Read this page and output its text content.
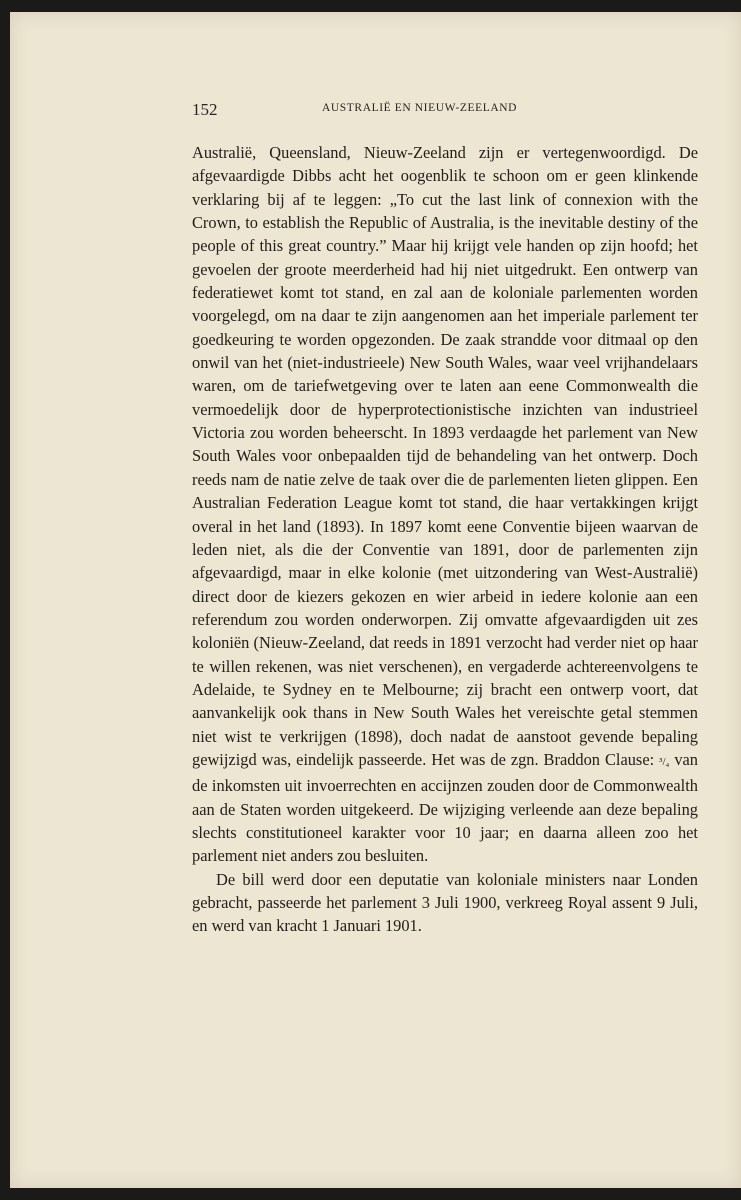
152	AUSTRALIË EN NIEUW-ZEELAND

Australië, Queensland, Nieuw-Zeeland zijn er vertegenwoordigd. De afgevaardigde Dibbs acht het oogenblik te schoon om er geen klinkende verklaring bij af te leggen: „To cut the last link of connexion with the Crown, to establish the Republic of Australia, is the inevitable destiny of the people of this great country.” Maar hij krijgt vele handen op zijn hoofd; het gevoelen der groote meerderheid had hij niet uitgedrukt. Een ontwerp van federatiewet komt tot stand, en zal aan de koloniale parlementen worden voorgelegd, om na daar te zijn aangenomen aan het imperiale parlement ter goedkeuring te worden opgezonden. De zaak strandde voor ditmaal op den onwil van het (niet-industrieele) New South Wales, waar veel vrijhandelaars waren, om de tariefwetgeving over te laten aan eene Commonwealth die vermoedelijk door de hyperprotectionistische inzichten van industrieel Victoria zou worden beheerscht. In 1893 verdaagde het parlement van New South Wales voor onbepaalden tijd de behandeling van het ontwerp. Doch reeds nam de natie zelve de taak over die de parlementen lieten glippen. Een Australian Federation League komt tot stand, die haar vertakkingen krijgt overal in het land (1893). In 1897 komt eene Conventie bijeen waarvan de leden niet, als die der Conventie van 1891, door de parlementen zijn afgevaardigd, maar in elke kolonie (met uitzondering van West-Australië) direct door de kiezers gekozen en wier arbeid in iedere kolonie aan een referendum zou worden onderworpen. Zij omvatte afgevaardigden uit zes koloniën (Nieuw-Zeeland, dat reeds in 1891 verzocht had verder niet op haar te willen rekenen, was niet verschenen), en vergaderde achtereenvolgens te Adelaide, te Sydney en te Melbourne; zij bracht een ontwerp voort, dat aanvankelijk ook thans in New South Wales het vereischte getal stemmen niet wist te verkrijgen (1898), doch nadat de aanstoot gevende bepaling gewijzigd was, eindelijk passeerde. Het was de zgn. Braddon Clause: ³/₄ van de inkomsten uit invoerrechten en accijnzen zouden door de Commonwealth aan de Staten worden uitgekeerd. De wijziging verleende aan deze bepaling slechts constitutioneel karakter voor 10 jaar; en daarna alleen zoo het parlement niet anders zou besluiten.

De bill werd door een deputatie van koloniale ministers naar Londen gebracht, passeerde het parlement 3 Juli 1900, verkreeg Royal assent 9 Juli, en werd van kracht 1 Januari 1901.
